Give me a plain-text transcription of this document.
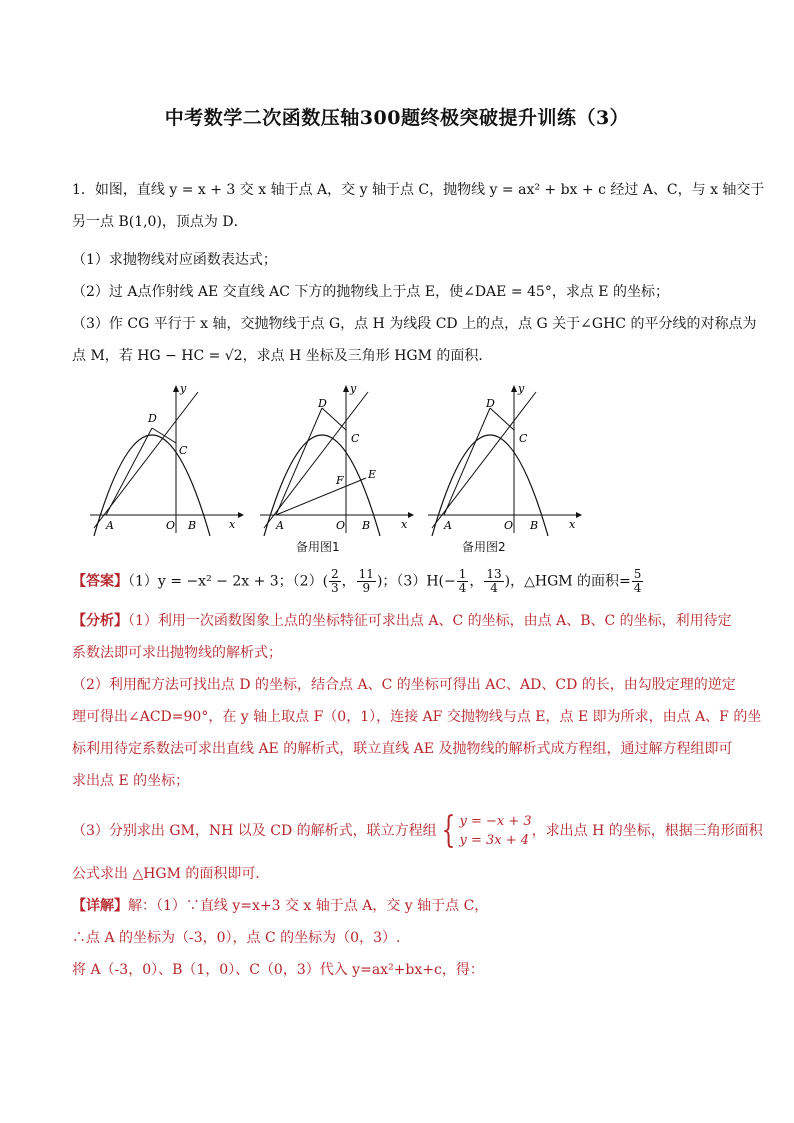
中考数学二次函数压轴300题终极突破提升训练（3）
1．如图，直线 y = x + 3 交 x 轴于点 A，交 y 轴于点 C，抛物线 y = ax² + bx + c 经过 A、C，与 x 轴交于
另一点 B(1,0)，顶点为 D．
（1）求抛物线对应函数表达式；
（2）过 A点作射线 AE 交直线 AC 下方的抛物线上于点 E，使∠DAE = 45°，求点 E 的坐标；
（3）作 CG 平行于 x 轴，交抛物线于点 G，点 H 为线段 CD 上的点，点 G 关于∠GHC 的平分线的对称点为
点 M，若 HG − HC = √2，求点 H 坐标及三角形 HGM 的面积．
D
C
A	O B	x
y
D
C
F E
A	O B	x
y
备用图1
D
C
A	O B	x
y
备用图2
【答案】（1）y = −x² − 2x + 3；$(2)( \frac{2}{3}$ ， $\frac{11}{9}$ )；$(3)H(- \frac{1}{4}$ ， $\frac{13}{4}$ )，△HGM 的面积= $\frac{5}{4}$
【分析】（1）利用一次函数图象上点的坐标特征可求出点 A、C 的坐标，由点 A、B、C 的坐标，利用待定
系数法即可求出抛物线的解析式；
（2）利用配方法可找出点 D 的坐标，结合点 A、C 的坐标可得出 AC、AD、CD 的长，由勾股定理的逆定
理可得出∠ACD=90°，在 y 轴上取点 F（0，1），连接 AF 交抛物线与点 E，点 E 即为所求，由点 A、F 的坐
标利用待定系数法可求出直线 AE 的解析式，联立直线 AE 及抛物线的解析式成方程组，通过解方程组即可
求出点 E 的坐标；
（3）分别求出 GM，NH 以及 CD 的解析式，联立方程组 { y = −x + 3
y = 3x + 4
，求出点 H 的坐标，根据三角形面积
公式求出 △HGM 的面积即可．
【详解】解：（1）∵直线 y=x+3 交 x 轴于点 A，交 y 轴于点 C，
∴点 A 的坐标为（-3，0），点 C 的坐标为（0，3）.
将 A（-3，0）、B（1，0）、C（0，3）代入 y=ax²+bx+c，得：
